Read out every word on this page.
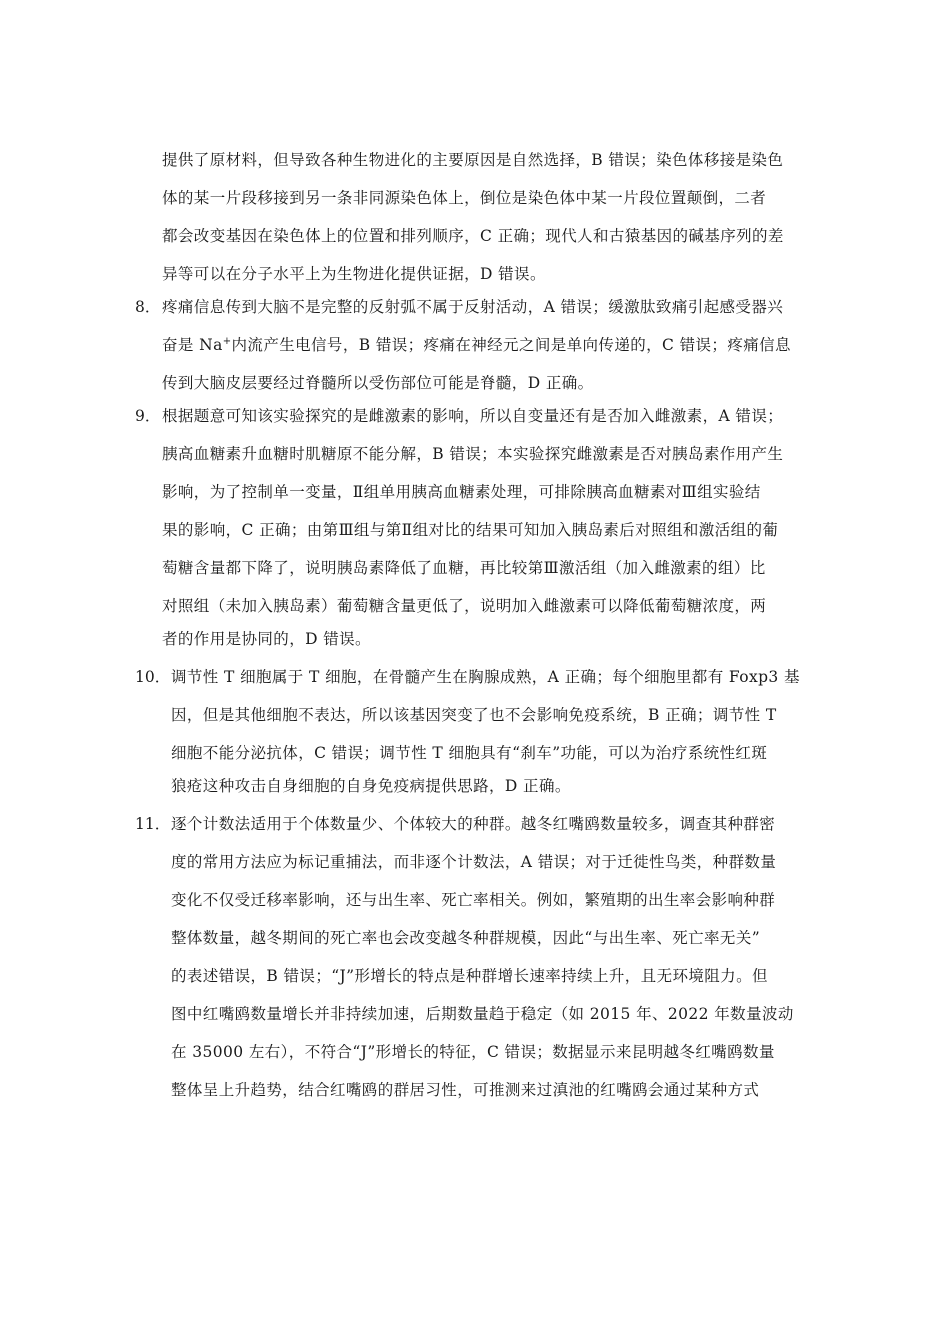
提供了原材料，但导致各种生物进化的主要原因是自然选择，B 错误；染色体移接是染色
体的某一片段移接到另一条非同源染色体上，倒位是染色体中某一片段位置颠倒，二者
都会改变基因在染色体上的位置和排列顺序，C 正确；现代人和古猿基因的碱基序列的差
异等可以在分子水平上为生物进化提供证据，D 错误。
8． 疼痛信息传到大脑不是完整的反射弧不属于反射活动，A 错误；缓激肽致痛引起感受器兴
奋是 Na+内流产生电信号，B 错误；疼痛在神经元之间是单向传递的，C 错误；疼痛信息
传到大脑皮层要经过脊髓所以受伤部位可能是脊髓，D 正确。
9． 根据题意可知该实验探究的是雌激素的影响，所以自变量还有是否加入雌激素，A 错误；
胰高血糖素升血糖时肌糖原不能分解，B 错误；本实验探究雌激素是否对胰岛素作用产生
影响，为了控制单一变量，Ⅱ组单用胰高血糖素处理，可排除胰高血糖素对Ⅲ组实验结
果的影响，C 正确；由第Ⅲ组与第Ⅱ组对比的结果可知加入胰岛素后对照组和激活组的葡
萄糖含量都下降了，说明胰岛素降低了血糖，再比较第Ⅲ激活组（加入雌激素的组）比
对照组（未加入胰岛素）葡萄糖含量更低了，说明加入雌激素可以降低葡萄糖浓度，两
者的作用是协同的，D 错误。
10． 调节性 T 细胞属于 T 细胞，在骨髓产生在胸腺成熟，A 正确；每个细胞里都有 Foxp3 基
因，但是其他细胞不表达，所以该基因突变了也不会影响免疫系统，B 正确；调节性 T
细胞不能分泌抗体，C 错误；调节性 T 细胞具有“刹车”功能，可以为治疗系统性红斑
狼疮这种攻击自身细胞的自身免疫病提供思路，D 正确。
11． 逐个计数法适用于个体数量少、个体较大的种群。越冬红嘴鸥数量较多，调查其种群密
度的常用方法应为标记重捕法，而非逐个计数法，A 错误；对于迁徙性鸟类，种群数量
变化不仅受迁移率影响，还与出生率、死亡率相关。例如，繁殖期的出生率会影响种群
整体数量，越冬期间的死亡率也会改变越冬种群规模，因此“与出生率、死亡率无关”
的表述错误，B 错误；“J”形增长的特点是种群增长速率持续上升，且无环境阻力。但
图中红嘴鸥数量增长并非持续加速，后期数量趋于稳定（如 2015 年、2022 年数量波动
在 35000 左右），不符合“J”形增长的特征，C 错误；数据显示来昆明越冬红嘴鸥数量
整体呈上升趋势，结合红嘴鸥的群居习性，可推测来过滇池的红嘴鸥会通过某种方式
